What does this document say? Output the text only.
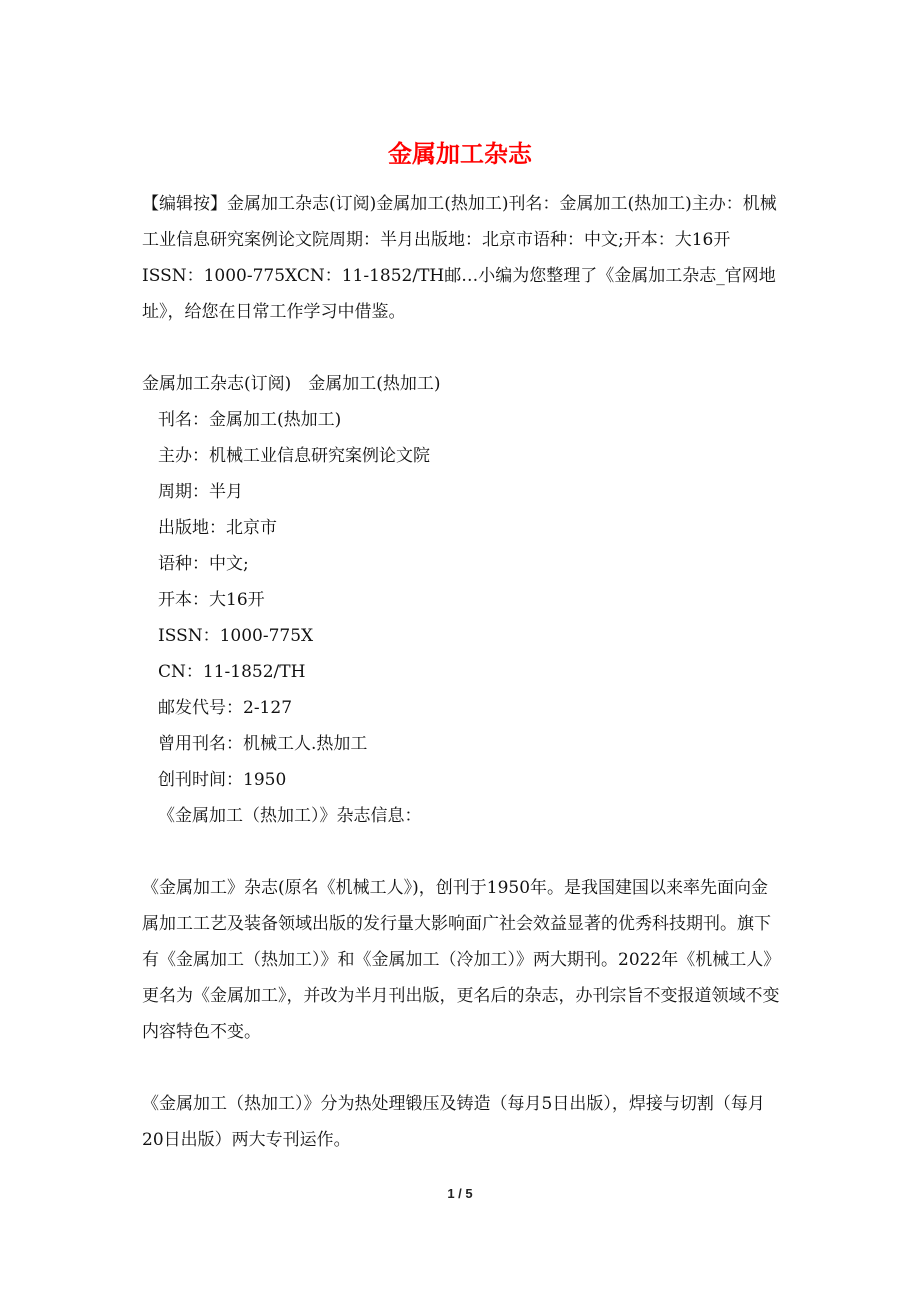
金属加工杂志

【编辑按】金属加工杂志(订阅)金属加工(热加工)刊名：金属加工(热加工)主办：机械工业信息研究案例论文院周期：半月出版地：北京市语种：中文;开本：大16开ISSN：1000-775XCN：11-1852/TH邮…小编为您整理了《金属加工杂志_官网地址》，给您在日常工作学习中借鉴。

金属加工杂志(订阅)　金属加工(热加工)
刊名：金属加工(热加工)
主办：机械工业信息研究案例论文院
周期：半月
出版地：北京市
语种：中文;
开本：大16开
ISSN：1000-775X
CN：11-1852/TH
邮发代号：2-127
曾用刊名：机械工人.热加工
创刊时间：1950
《金属加工（热加工）》杂志信息：

《金属加工》杂志(原名《机械工人》)，创刊于1950年。是我国建国以来率先面向金属加工工艺及装备领域出版的发行量大影响面广社会效益显著的优秀科技期刊。旗下有《金属加工（热加工）》和《金属加工（冷加工）》两大期刊。2022年《机械工人》更名为《金属加工》，并改为半月刊出版，更名后的杂志，办刊宗旨不变报道领域不变内容特色不变。

《金属加工（热加工）》分为热处理锻压及铸造（每月5日出版），焊接与切割（每月20日出版）两大专刊运作。

1 / 5
